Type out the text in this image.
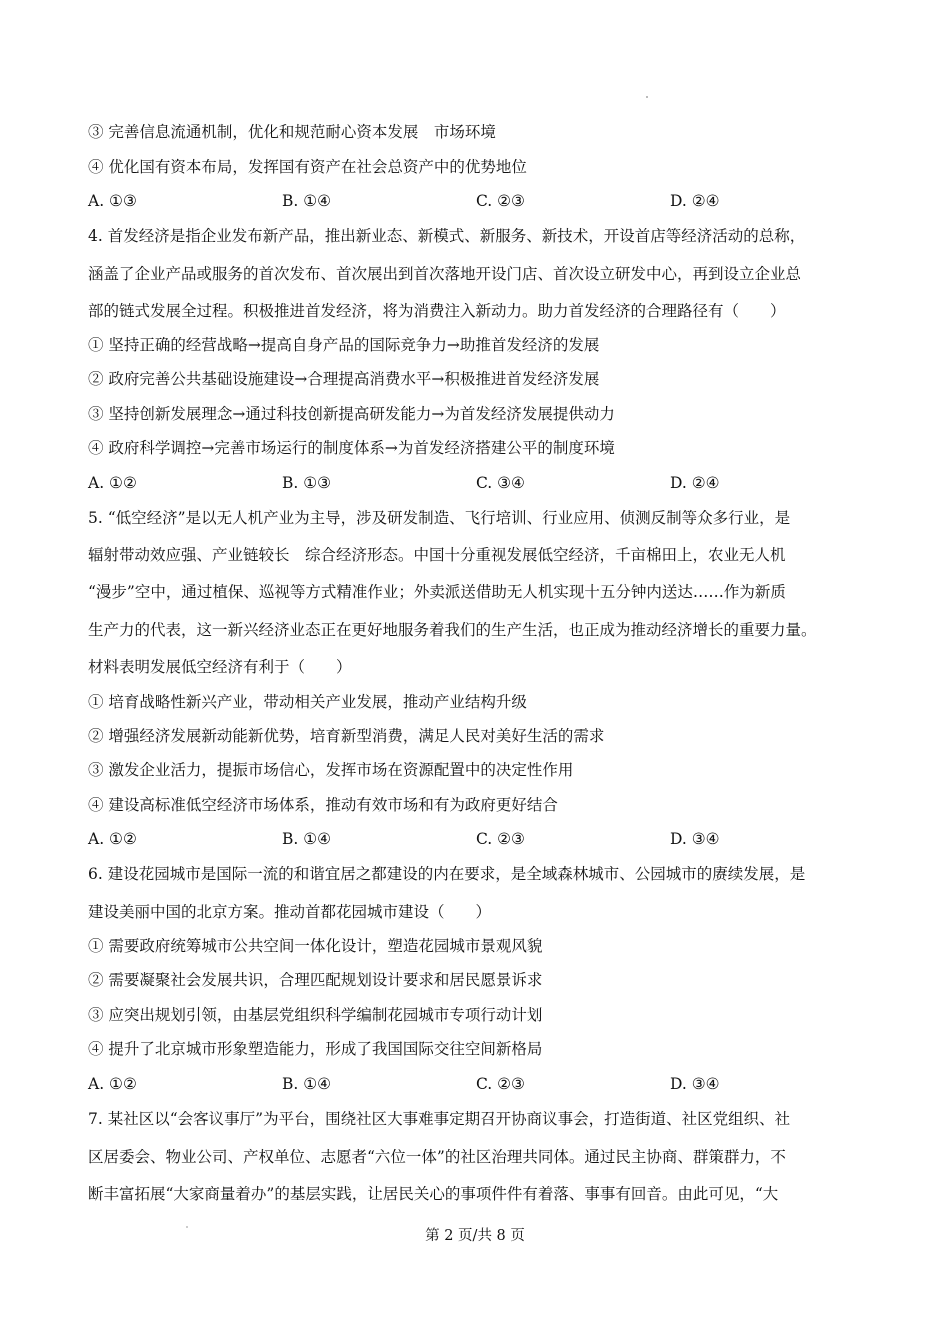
③ 完善信息流通机制，优化和规范耐心资本发展　市场环境
④ 优化国有资本布局，发挥国有资产在社会总资产中的优势地位
A. ①③	B. ①④	C. ②③	D. ②④
4. 首发经济是指企业发布新产品，推出新业态、新模式、新服务、新技术，开设首店等经济活动的总称，
涵盖了企业产品或服务的首次发布、首次展出到首次落地开设门店、首次设立研发中心，再到设立企业总
部的链式发展全过程。积极推进首发经济，将为消费注入新动力。助力首发经济的合理路径有（　　）
① 坚持正确的经营战略→提高自身产品的国际竞争力→助推首发经济的发展
② 政府完善公共基础设施建设→合理提高消费水平→积极推进首发经济发展
③ 坚持创新发展理念→通过科技创新提高研发能力→为首发经济发展提供动力
④ 政府科学调控→完善市场运行的制度体系→为首发经济搭建公平的制度环境
A. ①②	B. ①③	C. ③④	D. ②④
5. “低空经济”是以无人机产业为主导，涉及研发制造、飞行培训、行业应用、侦测反制等众多行业，是
辐射带动效应强、产业链较长　综合经济形态。中国十分重视发展低空经济，千亩棉田上，农业无人机
“漫步”空中，通过植保、巡视等方式精准作业；外卖派送借助无人机实现十五分钟内送达……作为新质
生产力的代表，这一新兴经济业态正在更好地服务着我们的生产生活，也正成为推动经济增长的重要力量。
材料表明发展低空经济有利于（　　）
① 培育战略性新兴产业，带动相关产业发展，推动产业结构升级
② 增强经济发展新动能新优势，培育新型消费，满足人民对美好生活的需求
③ 激发企业活力，提振市场信心，发挥市场在资源配置中的决定性作用
④ 建设高标准低空经济市场体系，推动有效市场和有为政府更好结合
A. ①②	B. ①④	C. ②③	D. ③④
6. 建设花园城市是国际一流的和谐宜居之都建设的内在要求，是全域森林城市、公园城市的赓续发展，是
建设美丽中国的北京方案。推动首都花园城市建设（　　）
① 需要政府统筹城市公共空间一体化设计，塑造花园城市景观风貌
② 需要凝聚社会发展共识，合理匹配规划设计要求和居民愿景诉求
③ 应突出规划引领，由基层党组织科学编制花园城市专项行动计划
④ 提升了北京城市形象塑造能力，形成了我国国际交往空间新格局
A. ①②	B. ①④	C. ②③	D. ③④
7. 某社区以“会客议事厅”为平台，围绕社区大事难事定期召开协商议事会，打造街道、社区党组织、社
区居委会、物业公司、产权单位、志愿者“六位一体”的社区治理共同体。通过民主协商、群策群力，不
断丰富拓展“大家商量着办”的基层实践，让居民关心的事项件件有着落、事事有回音。由此可见，“大
第 2 页/共 8 页
